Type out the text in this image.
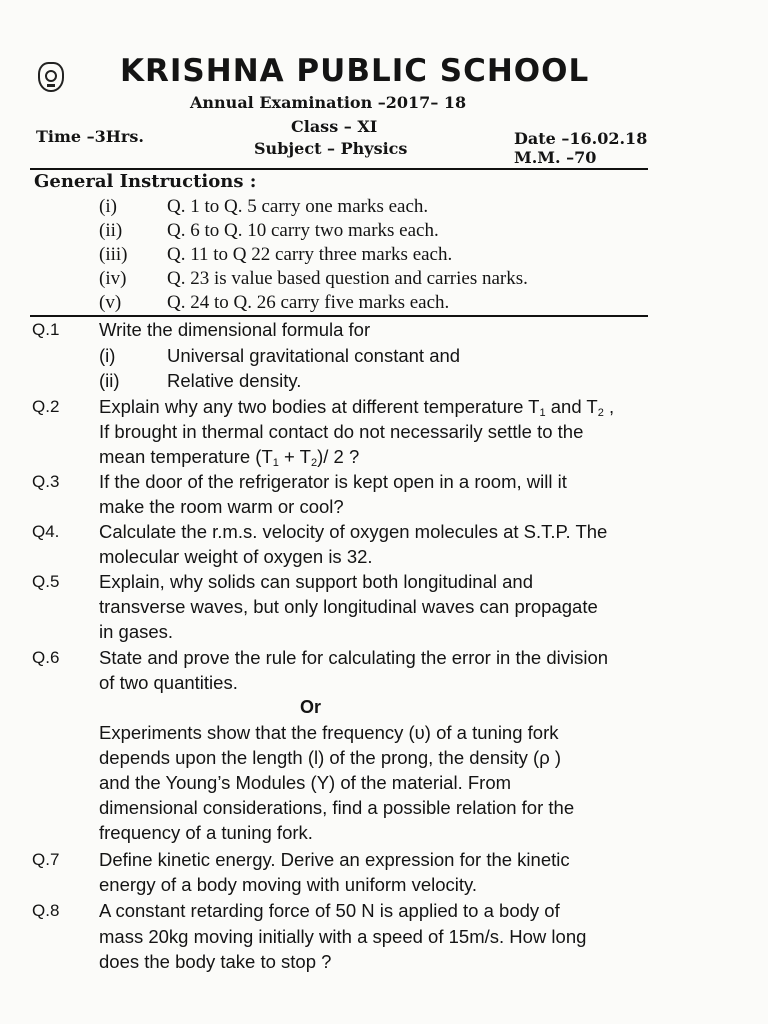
KRISHNA PUBLIC SCHOOL
Annual Examination –2017– 18
Class – XI
Subject – Physics
Time –3Hrs.	Date –16.02.18
M.M. –70
General Instructions :
(i)	Q. 1 to Q. 5 carry one marks each.
(ii) Q. 6 to Q. 10 carry two marks each.
(iii) Q. 11 to Q 22 carry three marks each.
(iv) Q. 23 is value based question and carries narks.
(v) Q. 24 to Q. 26 carry five marks each.
Q.1 Write the dimensional formula for
(i)	Universal gravitational constant and
(ii)	Relative density.
Q.2 Explain why any two bodies at different temperature $T_1$ and $T_2$ ,
If brought in thermal contact do not necessarily settle to the
mean temperature $(T_1 + T_2)/$ 2 ?
Q.3 If the door of the refrigerator is kept open in a room, will it
make the room warm or cool?
Q4. Calculate the r.m.s. velocity of oxygen molecules at S.T.P. The
molecular weight of oxygen is 32.
Q.5 Explain, why solids can support both longitudinal and
transverse waves, but only longitudinal waves can propagate
in gases.
Q.6 State and prove the rule for calculating the error in the division
of two quantities.
Or
Experiments show that the frequency (υ) of a tuning fork
depends upon the length (l) of the prong, the density (ρ )
and the Young’s Modules (Y) of the material. From
dimensional considerations, find a possible relation for the
frequency of a tuning fork.
Q.7 Define kinetic energy. Derive an expression for the kinetic
energy of a body moving with uniform velocity.
Q.8 A constant retarding force of 50 N is applied to a body of
mass 20kg moving initially with a speed of 15m/s. How long
does the body take to stop ?
